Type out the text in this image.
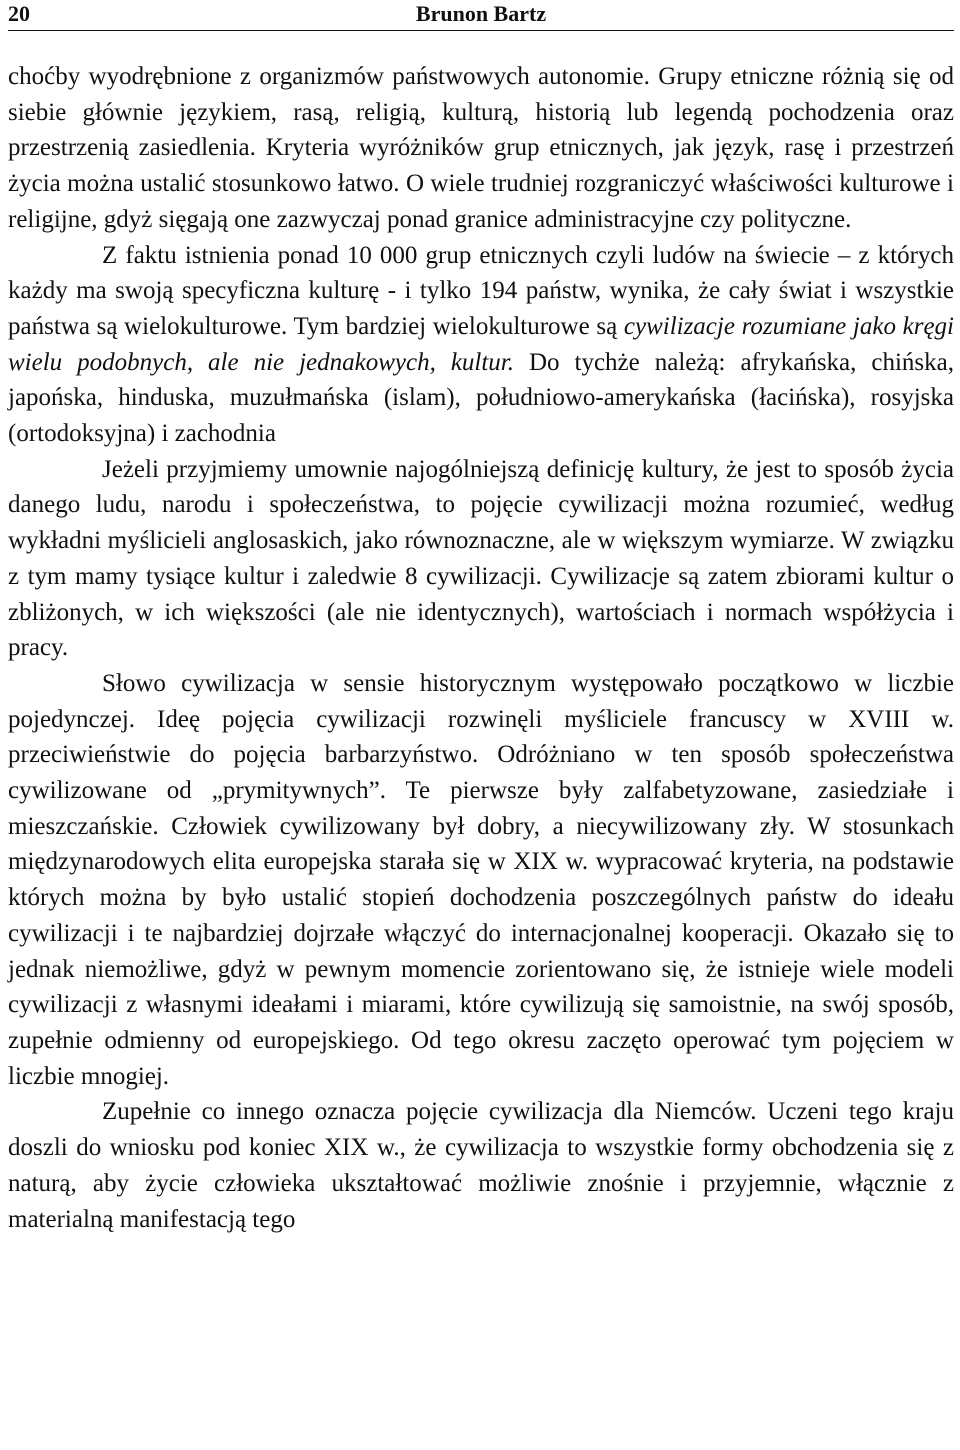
20	Brunon Bartz

choćby wyodrębnione z organizmów państwowych autonomie. Grupy etniczne różnią się od siebie głównie językiem, rasą, religią, kulturą, historią lub legendą pochodzenia oraz przestrzenią zasiedlenia. Kryteria wyróżników grup etnicznych, jak język, rasę i przestrzeń życia można ustalić stosunkowo łatwo. O wiele trudniej rozgraniczyć właściwości kulturowe i religijne, gdyż sięgają one zazwyczaj ponad granice administracyjne czy polityczne.

Z faktu istnienia ponad 10 000 grup etnicznych czyli ludów na świecie – z których każdy ma swoją specyficzna kulturę - i tylko 194 państw, wynika, że cały świat i wszystkie państwa są wielokulturowe. Tym bardziej wielokulturowe są cywilizacje rozumiane jako kręgi wielu podobnych, ale nie jednakowych, kultur. Do tychże należą: afrykańska, chińska, japońska, hinduska, muzułmańska (islam), południowo-amerykańska (łacińska), rosyjska (ortodoksyjna) i zachodnia

Jeżeli przyjmiemy umownie najogólniejszą definicję kultury, że jest to sposób życia danego ludu, narodu i społeczeństwa, to pojęcie cywilizacji można rozumieć, według wykładni myślicieli anglosaskich, jako równoznaczne, ale w większym wymiarze. W związku z tym mamy tysiące kultur i zaledwie 8 cywilizacji. Cywilizacje są zatem zbiorami kultur o zbliżonych, w ich większości (ale nie identycznych), wartościach i normach współżycia i pracy.

Słowo cywilizacja w sensie historycznym występowało początkowo w liczbie pojedynczej. Ideę pojęcia cywilizacji rozwinęli myśliciele francuscy w XVIII w. przeciwieństwie do pojęcia barbarzyństwo. Odróżniano w ten sposób społeczeństwa cywilizowane od „prymitywnych”. Te pierwsze były zalfabetyzowane, zasiedziałe i mieszczańskie. Człowiek cywilizowany był dobry, a niecywilizowany zły. W stosunkach międzynarodowych elita europejska starała się w XIX w. wypracować kryteria, na podstawie których można by było ustalić stopień dochodzenia poszczególnych państw do ideału cywilizacji i te najbardziej dojrzałe włączyć do internacjonalnej kooperacji. Okazało się to jednak niemożliwe, gdyż w pewnym momencie zorientowano się, że istnieje wiele modeli cywilizacji z własnymi ideałami i miarami, które cywilizują się samoistnie, na swój sposób, zupełnie odmienny od europejskiego. Od tego okresu zaczęto operować tym pojęciem w liczbie mnogiej.

Zupełnie co innego oznacza pojęcie cywilizacja dla Niemców. Uczeni tego kraju doszli do wniosku pod koniec XIX w., że cywilizacja to wszystkie formy obchodzenia się z naturą, aby życie człowieka ukształtować możliwie znośnie i przyjemnie, włącznie z materialną manifestacją tego
